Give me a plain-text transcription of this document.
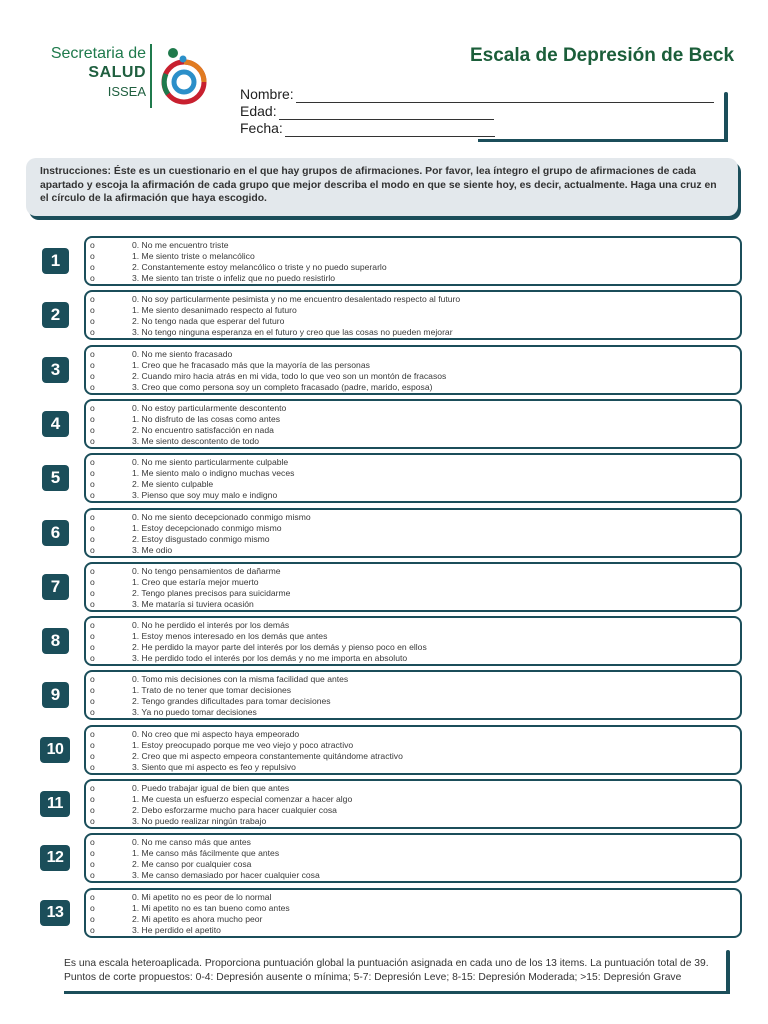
Secretaria de
SALUD
ISSEA
Escala de Depresión de Beck
Nombre:
Edad:
Fecha:
Instrucciones: Éste es un cuestionario en el que hay grupos de afirmaciones. Por favor, lea íntegro el grupo de afirmaciones de cada apartado y escoja la afirmación de cada grupo que mejor describa el modo en que se siente hoy, es decir, actualmente. Haga una cruz en el círculo de la afirmación que haya escogido.
1
o	0. No me encuentro triste
o	1. Me siento triste o melancólico
o	2. Constantemente estoy melancólico o triste y no puedo superarlo
o	3. Me siento tan triste o infeliz que no puedo resistirlo
2
o	0. No soy particularmente pesimista y no me encuentro desalentado respecto al futuro
o	1. Me siento desanimado respecto al futuro
o	2. No tengo nada que esperar del futuro
o	3. No tengo ninguna esperanza en el futuro y creo que las cosas no pueden mejorar
3
o	0. No me siento fracasado
o	1. Creo que he fracasado más que la mayoría de las personas
o	2. Cuando miro hacia atrás en mi vida, todo lo que veo son un montón de fracasos
o	3. Creo que como persona soy un completo fracasado (padre, marido, esposa)
4
o	0. No estoy particularmente descontento
o	1. No disfruto de las cosas como antes
o	2. No encuentro satisfacción en nada
o	3. Me siento descontento de todo
5
o	0. No me siento particularmente culpable
o	1. Me siento malo o indigno muchas veces
o	2. Me siento culpable
o	3. Pienso que soy muy malo e indigno
6
o	0. No me siento decepcionado conmigo mismo
o	1. Estoy decepcionado conmigo mismo
o	2. Estoy disgustado conmigo mismo
o	3. Me odio
7
o	0. No tengo pensamientos de dañarme
o	1. Creo que estaría mejor muerto
o	2. Tengo planes precisos para suicidarme
o	3. Me mataría si tuviera ocasión
8
o	0. No he perdido el interés por los demás
o	1. Estoy menos interesado en los demás que antes
o	2. He perdido la mayor parte del interés por los demás y pienso poco en ellos
o	3. He perdido todo el interés por los demás y no me importa en absoluto
9
o	0. Tomo mis decisiones con la misma facilidad que antes
o	1. Trato de no tener que tomar decisiones
o	2. Tengo grandes dificultades para tomar decisiones
o	3. Ya no puedo tomar decisiones
10
o	0. No creo que mi aspecto haya empeorado
o	1. Estoy preocupado porque me veo viejo y poco atractivo
o	2. Creo que mi aspecto empeora constantemente quitándome atractivo
o	3. Siento que mi aspecto es feo y repulsivo
11
o	0. Puedo trabajar igual de bien que antes
o	1. Me cuesta un esfuerzo especial comenzar a hacer algo
o	2. Debo esforzarme mucho para hacer cualquier cosa
o	3. No puedo realizar ningún trabajo
12
o	0. No me canso más que antes
o	1. Me canso más fácilmente que antes
o	2. Me canso por cualquier cosa
o	3. Me canso demasiado por hacer cualquier cosa
13
o	0. Mi apetito no es peor de lo normal
o	1. Mi apetito no es tan bueno como antes
o	2. Mi apetito es ahora mucho peor
o	3. He perdido el apetito
Es una escala heteroaplicada. Proporciona puntuación global la puntuación asignada en cada uno de los 13 items. La puntuación total de 39. Puntos de corte propuestos: 0-4: Depresión ausente o mínima; 5-7: Depresión Leve; 8-15: Depresión Moderada; >15: Depresión Grave
